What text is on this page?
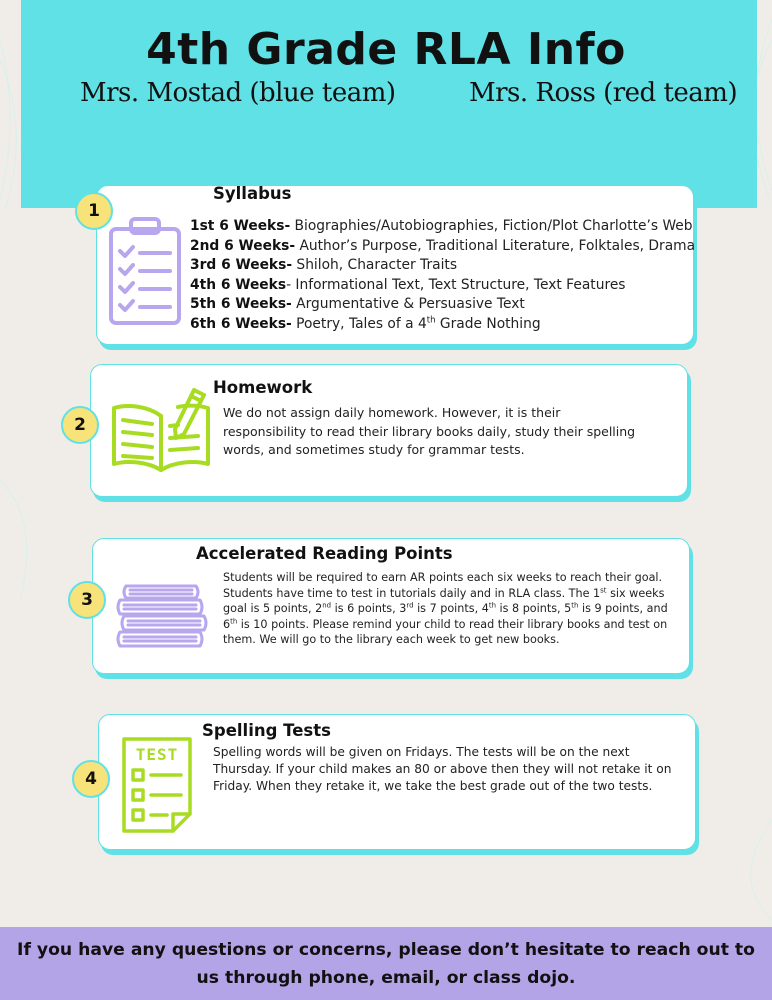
4th Grade RLA Info
Mrs. Mostad (blue team)	Mrs. Ross (red team)
Syllabus
1
1st 6 Weeks- Biographies/Autobiographies, Fiction/Plot Charlotte’s Web
2nd 6 Weeks- Author’s Purpose, Traditional Literature, Folktales, Drama
3rd 6 Weeks- Shiloh, Character Traits
4th 6 Weeks- Informational Text, Text Structure, Text Features
5th 6 Weeks- Argumentative & Persuasive Text
6th 6 Weeks- Poetry, Tales of a 4th Grade Nothing
Homework
2
We do not assign daily homework. However, it is their responsibility to read their library books daily, study their spelling words, and sometimes study for grammar tests.
Accelerated Reading Points
3
Students will be required to earn AR points each six weeks to reach their goal. Students have time to test in tutorials daily and in RLA class. The 1st six weeks goal is 5 points, 2nd is 6 points, 3rd is 7 points, 4th is 8 points, 5th is 9 points, and 6th is 10 points. Please remind your child to read their library books and test on them. We will go to the library each week to get new books.
Spelling Tests
4
TEST	Spelling words will be given on Fridays. The tests will be on the next Thursday. If your child makes an 80 or above then they will not retake it on Friday. When they retake it, we take the best grade out of the two tests.
If you have any questions or concerns, please don’t hesitate to reach out to us through phone, email, or class dojo.
